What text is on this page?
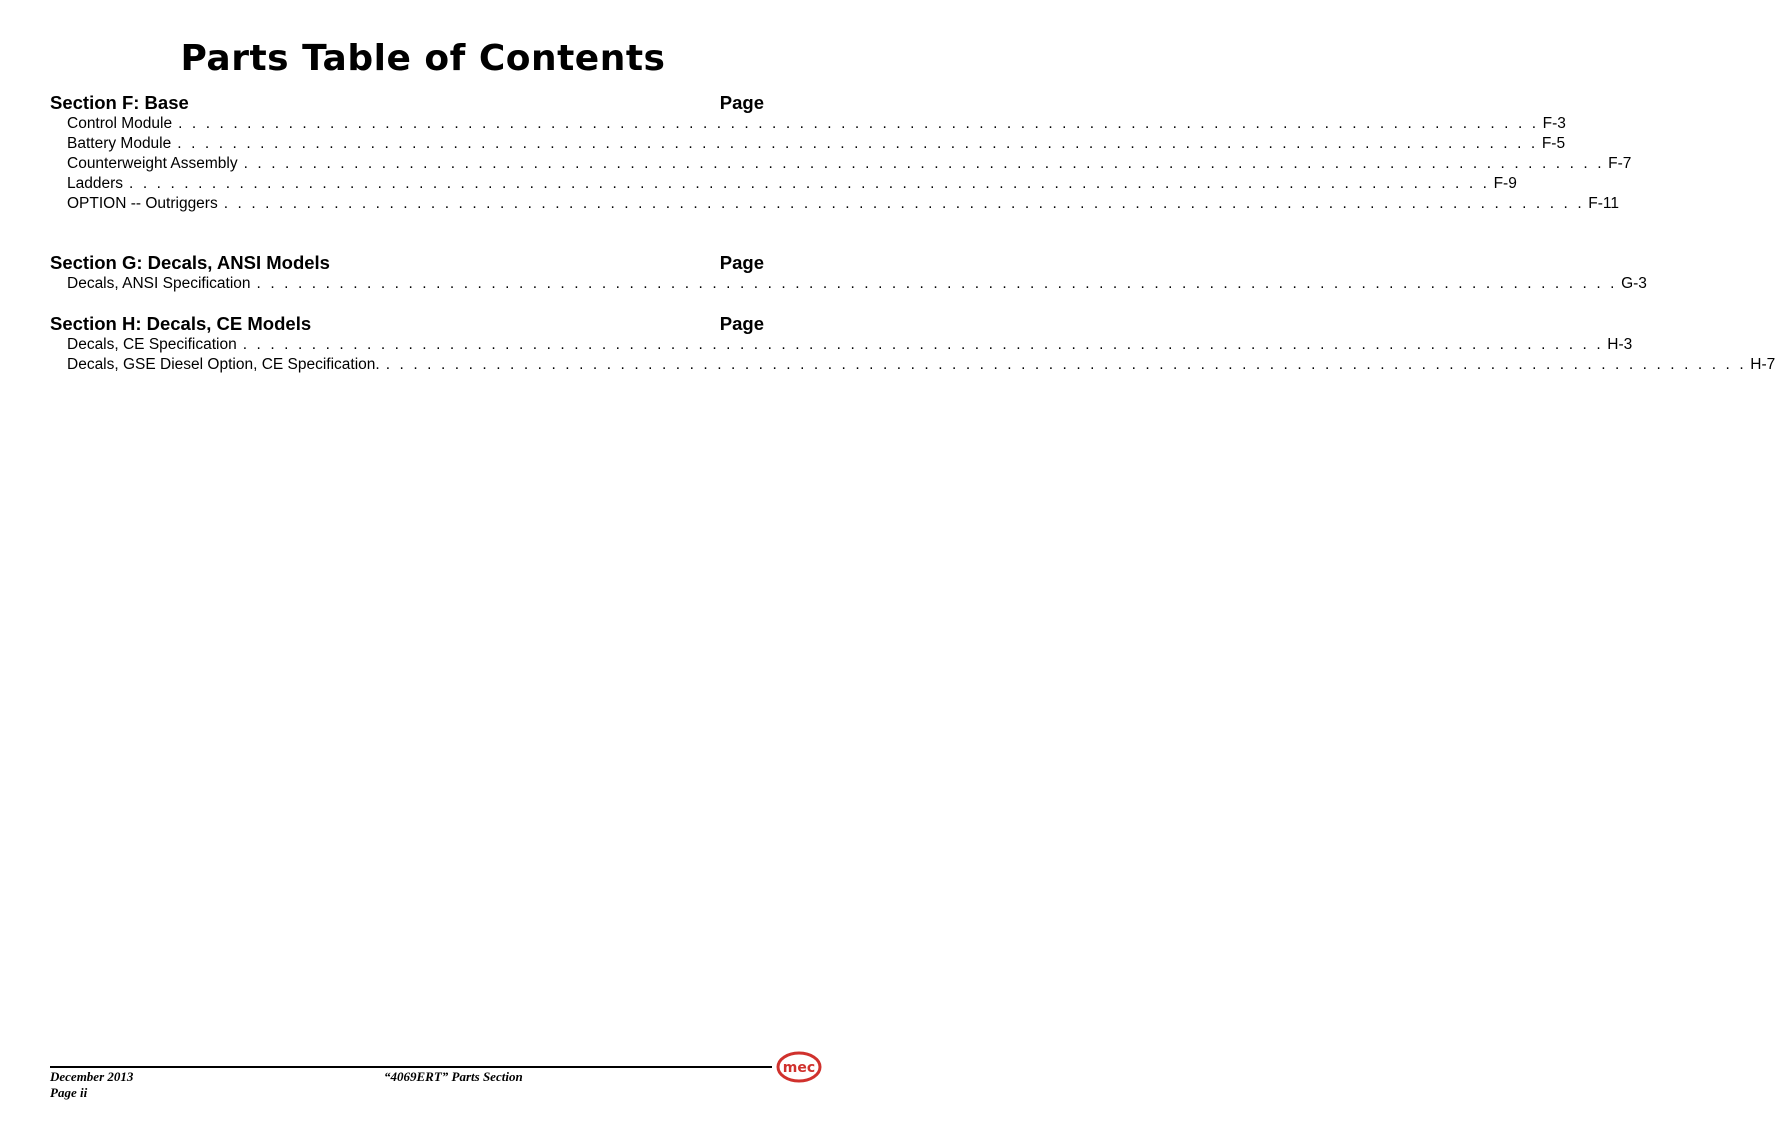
Parts Table of Contents
Section F: Base	Page
Control Module . . . . . . . . . . . . . . . . . . . . . . . . . . . . . . . . . . . . . . . . . . . . . . . . . . . . . . . . . . . . . . . . . . . . . . . . . . . . . . . . . . . . . . . . . . . . . . . . . . . F-3
Battery Module . . . . . . . . . . . . . . . . . . . . . . . . . . . . . . . . . . . . . . . . . . . . . . . . . . . . . . . . . . . . . . . . . . . . . . . . . . . . . . . . . . . . . . . . . . . . . . . . . . . F-5
Counterweight Assembly . . . . . . . . . . . . . . . . . . . . . . . . . . . . . . . . . . . . . . . . . . . . . . . . . . . . . . . . . . . . . . . . . . . . . . . . . . . . . . . . . . . . . . . . . . . . . . . . . . . F-7
Ladders . . . . . . . . . . . . . . . . . . . . . . . . . . . . . . . . . . . . . . . . . . . . . . . . . . . . . . . . . . . . . . . . . . . . . . . . . . . . . . . . . . . . . . . . . . . . . . . . . . . F-9
OPTION -- Outriggers . . . . . . . . . . . . . . . . . . . . . . . . . . . . . . . . . . . . . . . . . . . . . . . . . . . . . . . . . . . . . . . . . . . . . . . . . . . . . . . . . . . . . . . . . . . . . . . . . . . F-11
Section G: Decals, ANSI Models	Page
Decals, ANSI Specification . . . . . . . . . . . . . . . . . . . . . . . . . . . . . . . . . . . . . . . . . . . . . . . . . . . . . . . . . . . . . . . . . . . . . . . . . . . . . . . . . . . . . . . . . . . . . . . . . . . G-3
Section H: Decals, CE Models	Page
Decals, CE Specification . . . . . . . . . . . . . . . . . . . . . . . . . . . . . . . . . . . . . . . . . . . . . . . . . . . . . . . . . . . . . . . . . . . . . . . . . . . . . . . . . . . . . . . . . . . . . . . . . . . H-3
Decals, GSE Diesel Option, CE Specification. . . . . . . . . . . . . . . . . . . . . . . . . . . . . . . . . . . . . . . . . . . . . . . . . . . . . . . . . . . . . . . . . . . . . . . . . . . . . . . . . . . . . . . . . . . . . . . . . . . . H-7
December 2013
Page ii
“4069ERT” Parts Section
mec
